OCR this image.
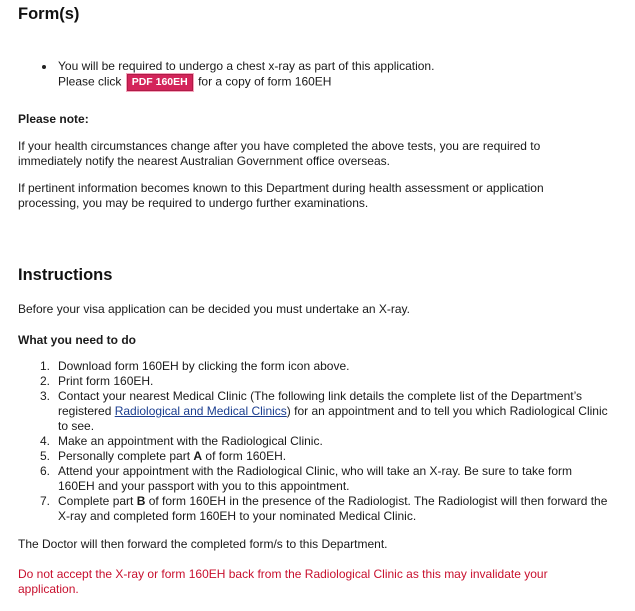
Form(s)
You will be required to undergo a chest x-ray as part of this application.
Please click PDF 160EH for a copy of form 160EH

Please note:

If your health circumstances change after you have completed the above tests, you are required to immediately notify the nearest Australian Government office overseas.

If pertinent information becomes known to this Department during health assessment or application processing, you may be required to undergo further examinations.

Instructions

Before your visa application can be decided you must undertake an X-ray.

What you need to do

1. Download form 160EH by clicking the form icon above.
2. Print form 160EH.
3. Contact your nearest Medical Clinic (The following link details the complete list of the Department’s registered Radiological and Medical Clinics) for an appointment and to tell you which Radiological Clinic to see.
4. Make an appointment with the Radiological Clinic.
5. Personally complete part A of form 160EH.
6. Attend your appointment with the Radiological Clinic, who will take an X-ray. Be sure to take form 160EH and your passport with you to this appointment.
7. Complete part B of form 160EH in the presence of the Radiologist. The Radiologist will then forward the X-ray and completed form 160EH to your nominated Medical Clinic.

The Doctor will then forward the completed form/s to this Department.

Do not accept the X-ray or form 160EH back from the Radiological Clinic as this may invalidate your application.
